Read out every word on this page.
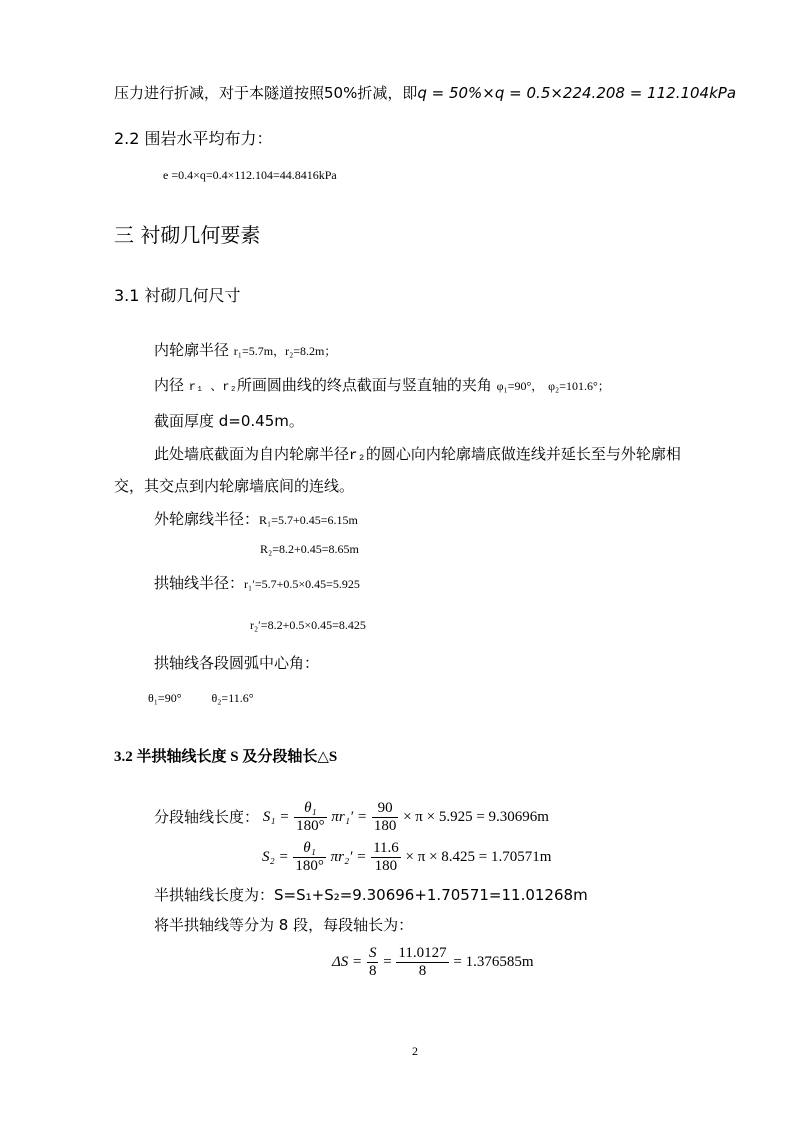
压力进行折减，对于本隧道按照50%折减，即q = 50%×q = 0.5×224.208 = 112.104kPa
2.2 围岩水平均布力：
e =0.4×q=0.4×112.104=44.8416kPa
三 衬砌几何要素
3.1 衬砌几何尺寸
内轮廓半径 r₁=5.7m，r₂=8.2m；
内径 r₁ 、r₂所画圆曲线的终点截面与竖直轴的夹角 φ₁=90°， φ₂=101.6°；
截面厚度 d=0.45m。
此处墙底截面为自内轮廓半径r₂的圆心向内轮廓墙底做连线并延长至与外轮廓相
交，其交点到内轮廓墙底间的连线。
外轮廓线半径：R₁=5.7+0.45=6.15m
R₂=8.2+0.45=8.65m
拱轴线半径：r₁′=5.7+0.5×0.45=5.925
r₂′=8.2+0.5×0.45=8.425
拱轴线各段圆弧中心角：
θ₁=90°	θ₂=11.6°
3.2 半拱轴线长度 S 及分段轴长△S
分段轴线长度： $S_1 = \frac{\text{θ₁}}{180^\circ} \pi r_1' = \frac{90}{180} \times \pi \times 5.925 = 9.30696m$
$S_2 = \frac{\text{θ₁}}{180^\circ} \pi r_2' = \frac{11.6}{180} \times \pi \times 8.425 = 1.70571m$
半拱轴线长度为：S=S₁+S₂=9.30696+1.70571=11.01268m
将半拱轴线等分为 8 段，每段轴长为：
$\Delta S = \frac{S}{8} = \frac{11.0127}{8} = 1.376585m$
2
